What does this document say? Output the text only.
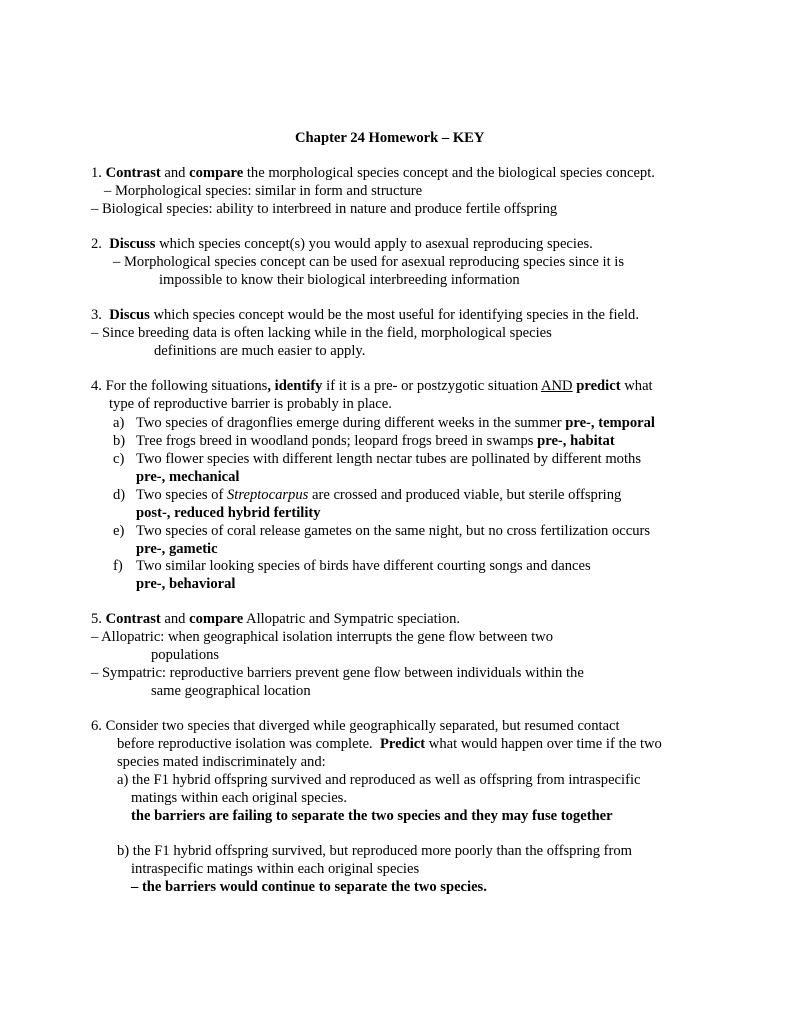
Chapter 24 Homework – KEY
1. Contrast and compare the morphological species concept and the biological species concept.
– Morphological species: similar in form and structure
– Biological species: ability to interbreed in nature and produce fertile offspring
2. Discuss which species concept(s) you would apply to asexual reproducing species.
– Morphological species concept can be used for asexual reproducing species since it is
impossible to know their biological interbreeding information
3. Discus which species concept would be the most useful for identifying species in the field.
– Since breeding data is often lacking while in the field, morphological species
definitions are much easier to apply.
4. For the following situations, identify if it is a pre- or postzygotic situation AND predict what
type of reproductive barrier is probably in place.
a) Two species of dragonflies emerge during different weeks in the summer pre-, temporal
b) Tree frogs breed in woodland ponds; leopard frogs breed in swamps pre-, habitat
c) Two flower species with different length nectar tubes are pollinated by different moths
pre-, mechanical
d) Two species of Streptocarpus are crossed and produced viable, but sterile offspring
post-, reduced hybrid fertility
e) Two species of coral release gametes on the same night, but no cross fertilization occurs
pre-, gametic
f) Two similar looking species of birds have different courting songs and dances
pre-, behavioral
5. Contrast and compare Allopatric and Sympatric speciation.
– Allopatric: when geographical isolation interrupts the gene flow between two
populations
– Sympatric: reproductive barriers prevent gene flow between individuals within the
same geographical location
6. Consider two species that diverged while geographically separated, but resumed contact
before reproductive isolation was complete. Predict what would happen over time if the two
species mated indiscriminately and:
a) the F1 hybrid offspring survived and reproduced as well as offspring from intraspecific
matings within each original species.
the barriers are failing to separate the two species and they may fuse together
b) the F1 hybrid offspring survived, but reproduced more poorly than the offspring from
intraspecific matings within each original species
– the barriers would continue to separate the two species.
